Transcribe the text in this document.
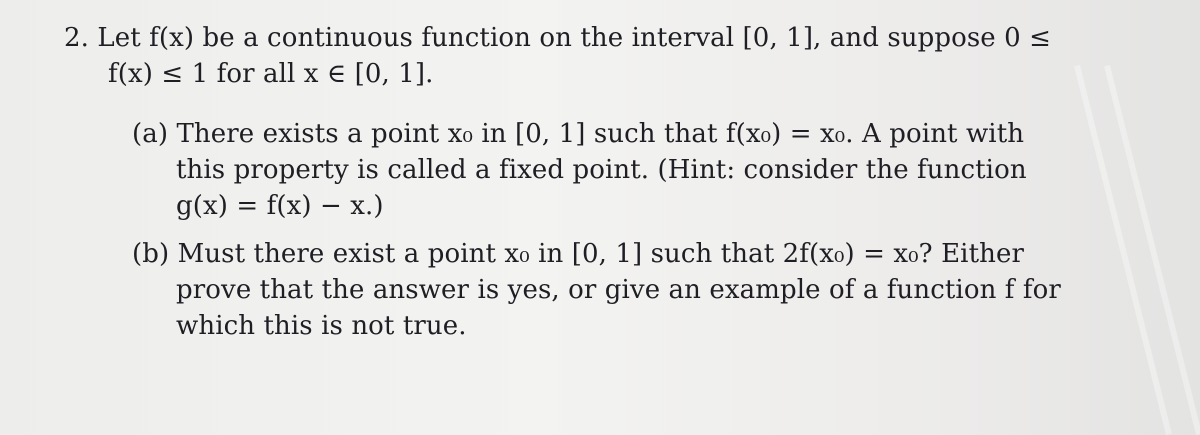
2. Let f(x) be a continuous function on the interval [0, 1], and suppose 0 ≤
f(x) ≤ 1 for all x ∈ [0, 1].
(a) There exists a point x₀ in [0, 1] such that f(x₀) = x₀. A point with
this property is called a fixed point. (Hint: consider the function
g(x) = f(x) − x.)
(b) Must there exist a point x₀ in [0, 1] such that 2f(x₀) = x₀? Either
prove that the answer is yes, or give an example of a function f for
which this is not true.
